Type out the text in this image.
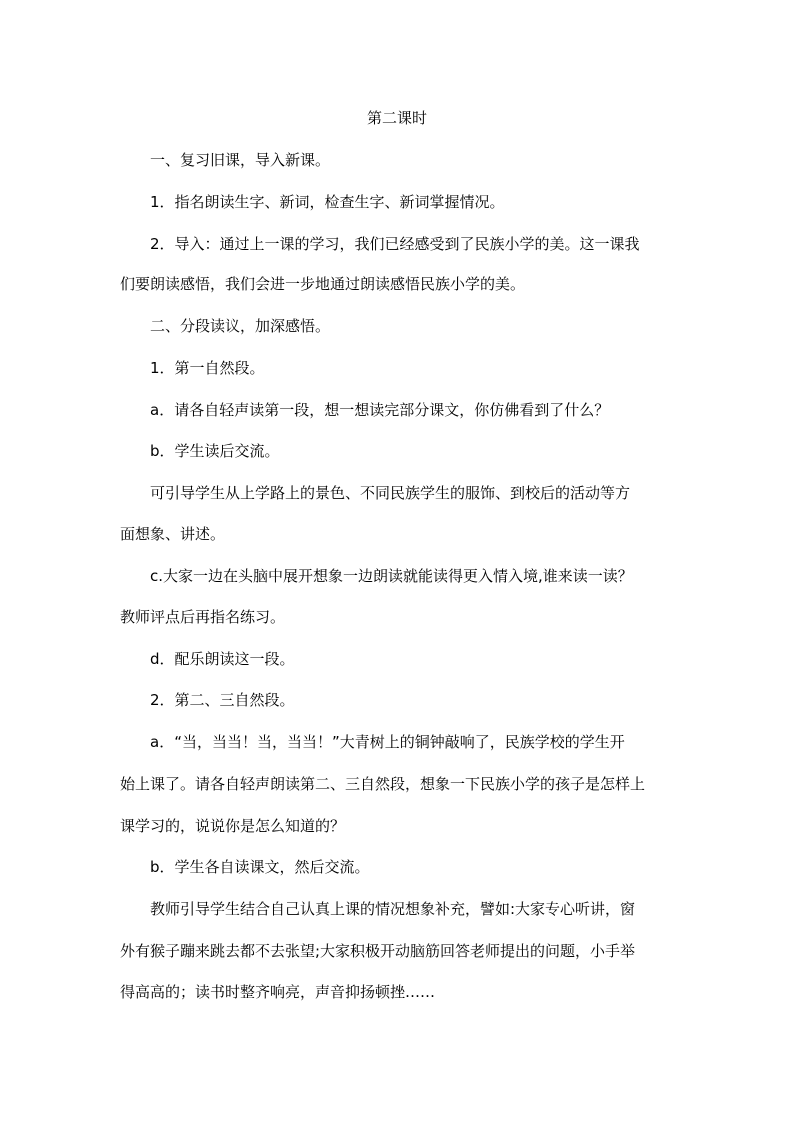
第二课时
一、复习旧课，导入新课。
1．指名朗读生字、新词，检查生字、新词掌握情况。
2．导入：通过上一课的学习，我们已经感受到了民族小学的美。这一课我
们要朗读感悟，我们会进一步地通过朗读感悟民族小学的美。
二、分段读议，加深感悟。
1．第一自然段。
a．请各自轻声读第一段，想一想读完部分课文，你仿佛看到了什么？
b．学生读后交流。
可引导学生从上学路上的景色、不同民族学生的服饰、到校后的活动等方
面想象、讲述。
c.大家一边在头脑中展开想象一边朗读就能读得更入情入境,谁来读一读？
教师评点后再指名练习。
d．配乐朗读这一段。
2．第二、三自然段。
a．“当，当当！当，当当！”大青树上的铜钟敲响了，民族学校的学生开
始上课了。请各自轻声朗读第二、三自然段，想象一下民族小学的孩子是怎样上
课学习的，说说你是怎么知道的？
b．学生各自读课文，然后交流。
教师引导学生结合自己认真上课的情况想象补充，譬如:大家专心听讲，窗
外有猴子蹦来跳去都不去张望;大家积极开动脑筋回答老师提出的问题，小手举
得高高的；读书时整齐响亮，声音抑扬顿挫……
